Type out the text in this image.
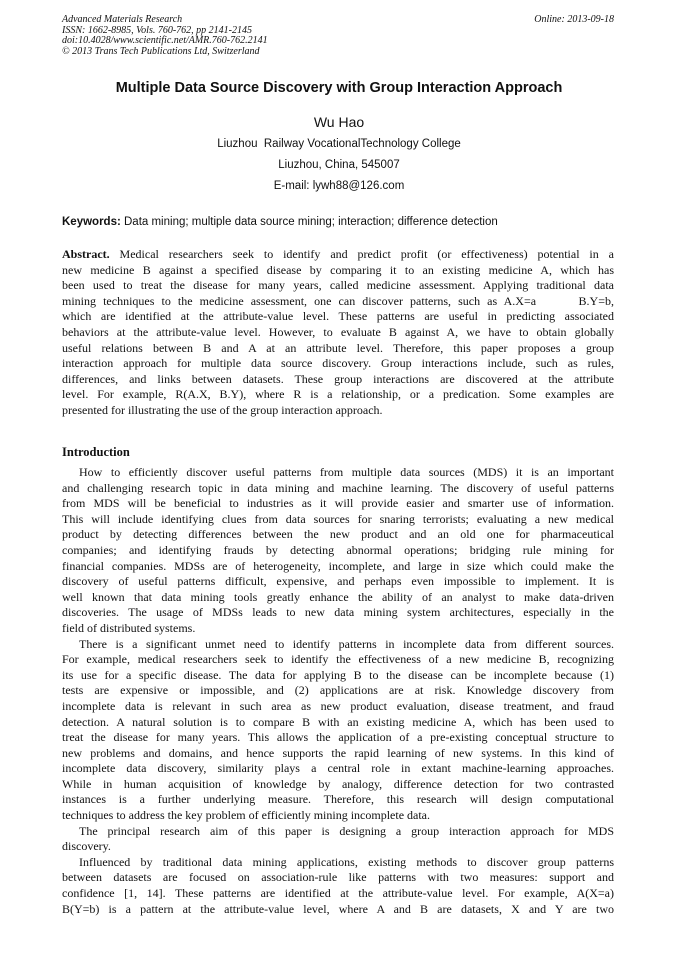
Advanced Materials Research
ISSN: 1662-8985, Vols. 760-762, pp 2141-2145
doi:10.4028/www.scientific.net/AMR.760-762.2141
© 2013 Trans Tech Publications Ltd, Switzerland
Online: 2013-09-18
Multiple Data Source Discovery with Group Interaction Approach
Wu Hao
Liuzhou  Railway VocationalTechnology College
Liuzhou, China, 545007
E-mail: lywh88@126.com
Keywords: Data mining; multiple data source mining; interaction; difference detection
Abstract. Medical researchers seek to identify and predict profit (or effectiveness) potential in a
new medicine B against a specified disease by comparing it to an existing medicine A, which has
been used to treat the disease for many years, called medicine assessment. Applying traditional data
mining techniques to the medicine assessment, one can discover patterns, such as A.X=a      B.Y=b,
which are identified at the attribute-value level. These patterns are useful in predicting associated
behaviors at the attribute-value level. However, to evaluate B against A, we have to obtain globally
useful relations between B and A at an attribute level. Therefore, this paper proposes a group
interaction approach for multiple data source discovery. Group interactions include, such as rules,
differences, and links between datasets. These group interactions are discovered at the attribute
level. For example, R(A.X, B.Y), where R is a relationship, or a predication. Some examples are
presented for illustrating the use of the group interaction approach.
Introduction
How to efficiently discover useful patterns from multiple data sources (MDS) it is an important
and challenging research topic in data mining and machine learning. The discovery of useful patterns
from MDS will be beneficial to industries as it will provide easier and smarter use of information.
This will include identifying clues from data sources for snaring terrorists; evaluating a new medical
product by detecting differences between the new product and an old one for pharmaceutical
companies; and identifying frauds by detecting abnormal operations; bridging rule mining for
financial companies. MDSs are of heterogeneity, incomplete, and large in size which could make the
discovery of useful patterns difficult, expensive, and perhaps even impossible to implement. It is
well known that data mining tools greatly enhance the ability of an analyst to make data-driven
discoveries. The usage of MDSs leads to new data mining system architectures, especially in the
field of distributed systems.
There is a significant unmet need to identify patterns in incomplete data from different sources.
For example, medical researchers seek to identify the effectiveness of a new medicine B, recognizing
its use for a specific disease. The data for applying B to the disease can be incomplete because (1)
tests are expensive or impossible, and (2) applications are at risk. Knowledge discovery from
incomplete data is relevant in such area as new product evaluation, disease treatment, and fraud
detection. A natural solution is to compare B with an existing medicine A, which has been used to
treat the disease for many years. This allows the application of a pre-existing conceptual structure to
new problems and domains, and hence supports the rapid learning of new systems. In this kind of
incomplete data discovery, similarity plays a central role in extant machine-learning approaches.
While in human acquisition of knowledge by analogy, difference detection for two contrasted
instances is a further underlying measure. Therefore, this research will design computational
techniques to address the key problem of efficiently mining incomplete data.
The principal research aim of this paper is designing a group interaction approach for MDS
discovery.
Influenced by traditional data mining applications, existing methods to discover group patterns
between datasets are focused on association-rule like patterns with two measures: support and
confidence [1, 14]. These patterns are identified at the attribute-value level. For example, A(X=a)
B(Y=b) is a pattern at the attribute-value level, where A and B are datasets, X and Y are two
